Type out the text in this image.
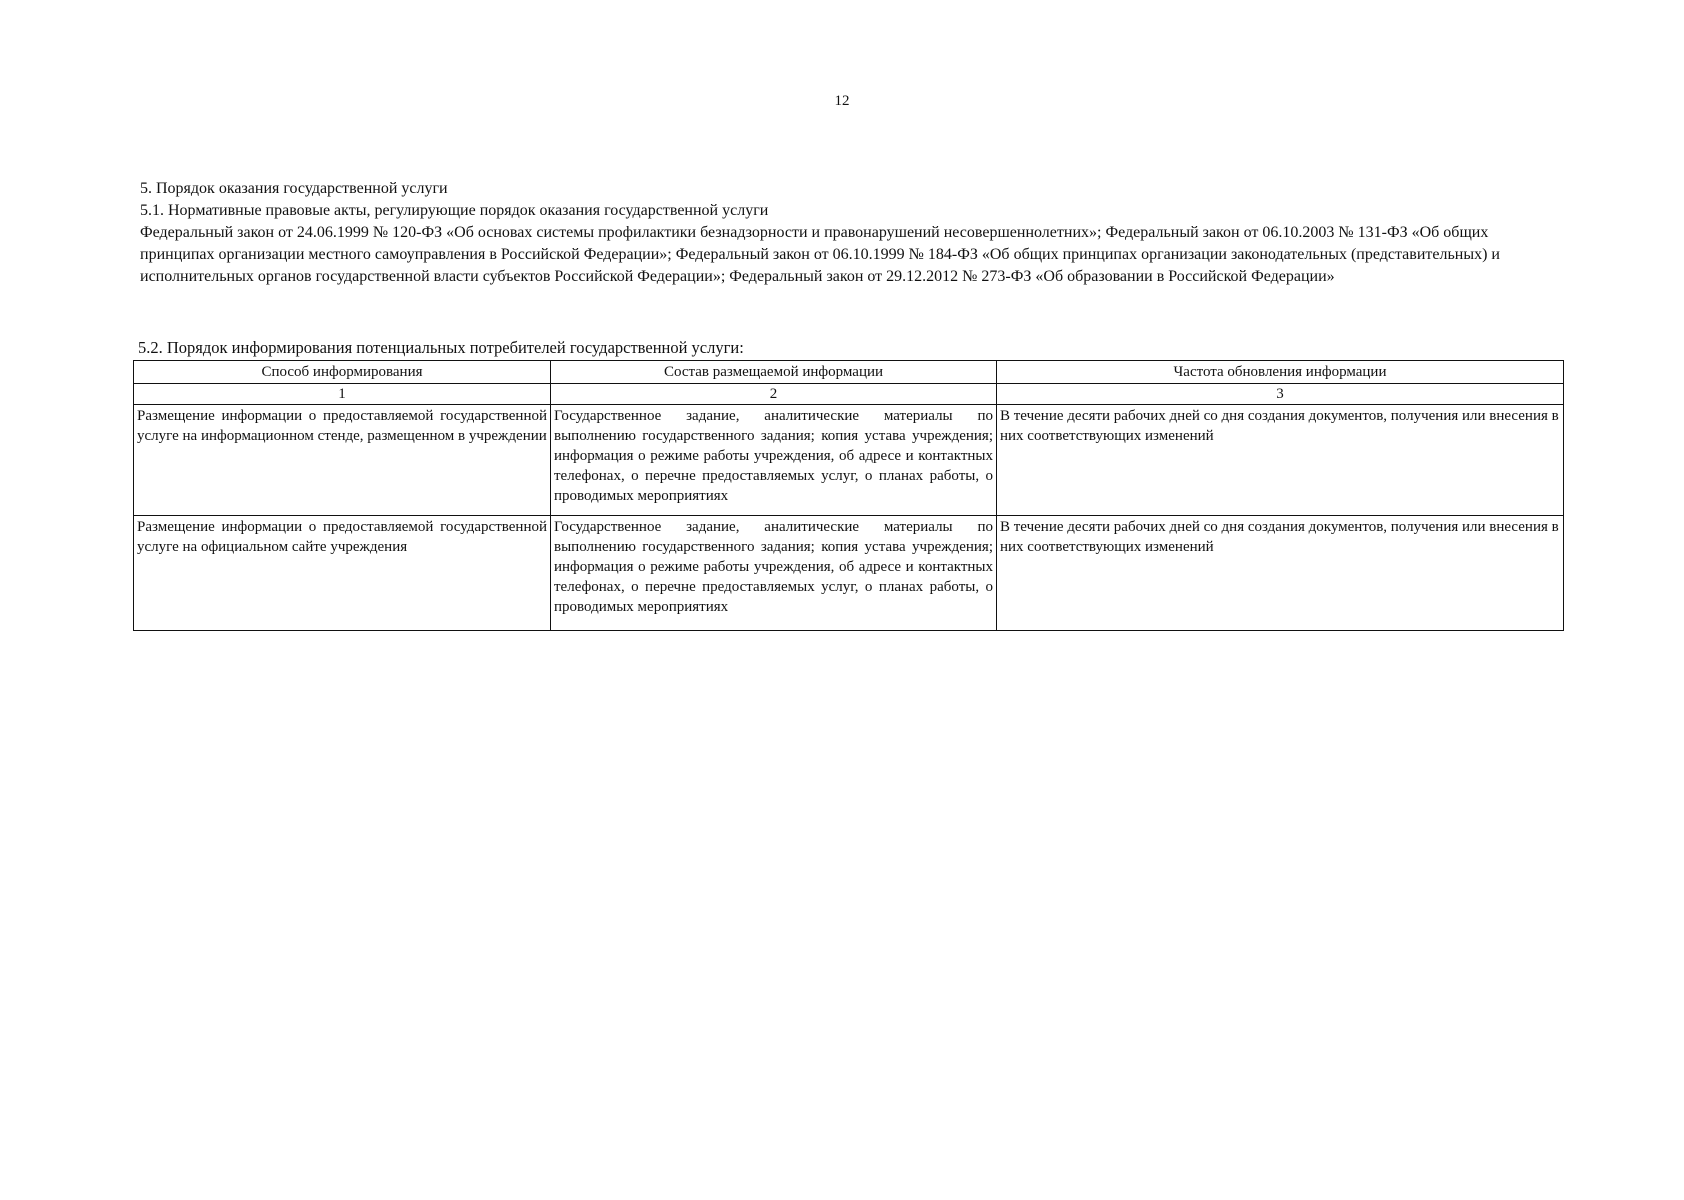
12

5. Порядок оказания государственной услуги

5.1. Нормативные правовые акты, регулирующие порядок оказания государственной услуги

Федеральный закон от 24.06.1999 № 120-ФЗ «Об основах системы профилактики безнадзорности и правонарушений несовершеннолетних»; Федеральный закон от 06.10.2003 № 131-ФЗ «Об общих принципах организации местного самоуправления в Российской Федерации»; Федеральный закон от 06.10.1999 № 184-ФЗ «Об общих принципах организации законодательных (представительных) и исполнительных органов государственной власти субъектов Российской Федерации»; Федеральный закон от 29.12.2012 № 273-ФЗ «Об образовании в Российской Федерации»

5.2. Порядок информирования потенциальных потребителей государственной услуги:
Способ информирования	Состав размещаемой информации	Частота обновления информации
1	2	3
Размещение информации о предоставляемой государственной услуге на информационном стенде, размещенном в учреждении	Государственное задание, аналитические материалы по выполнению государственного задания; копия устава учреждения; информация о режиме работы учреждения, об адресе и контактных телефонах, о перечне предоставляемых услуг, о планах работы, о проводимых мероприятиях	В течение десяти рабочих дней со дня создания документов, получения или внесения в них соответствующих изменений
Размещение информации о предоставляемой государственной услуге на официальном сайте учреждения	Государственное задание, аналитические материалы по выполнению государственного задания; копия устава учреждения; информация о режиме работы учреждения, об адресе и контактных телефонах, о перечне предоставляемых услуг, о планах работы, о проводимых мероприятиях	В течение десяти рабочих дней со дня создания документов, получения или внесения в них соответствующих изменений
